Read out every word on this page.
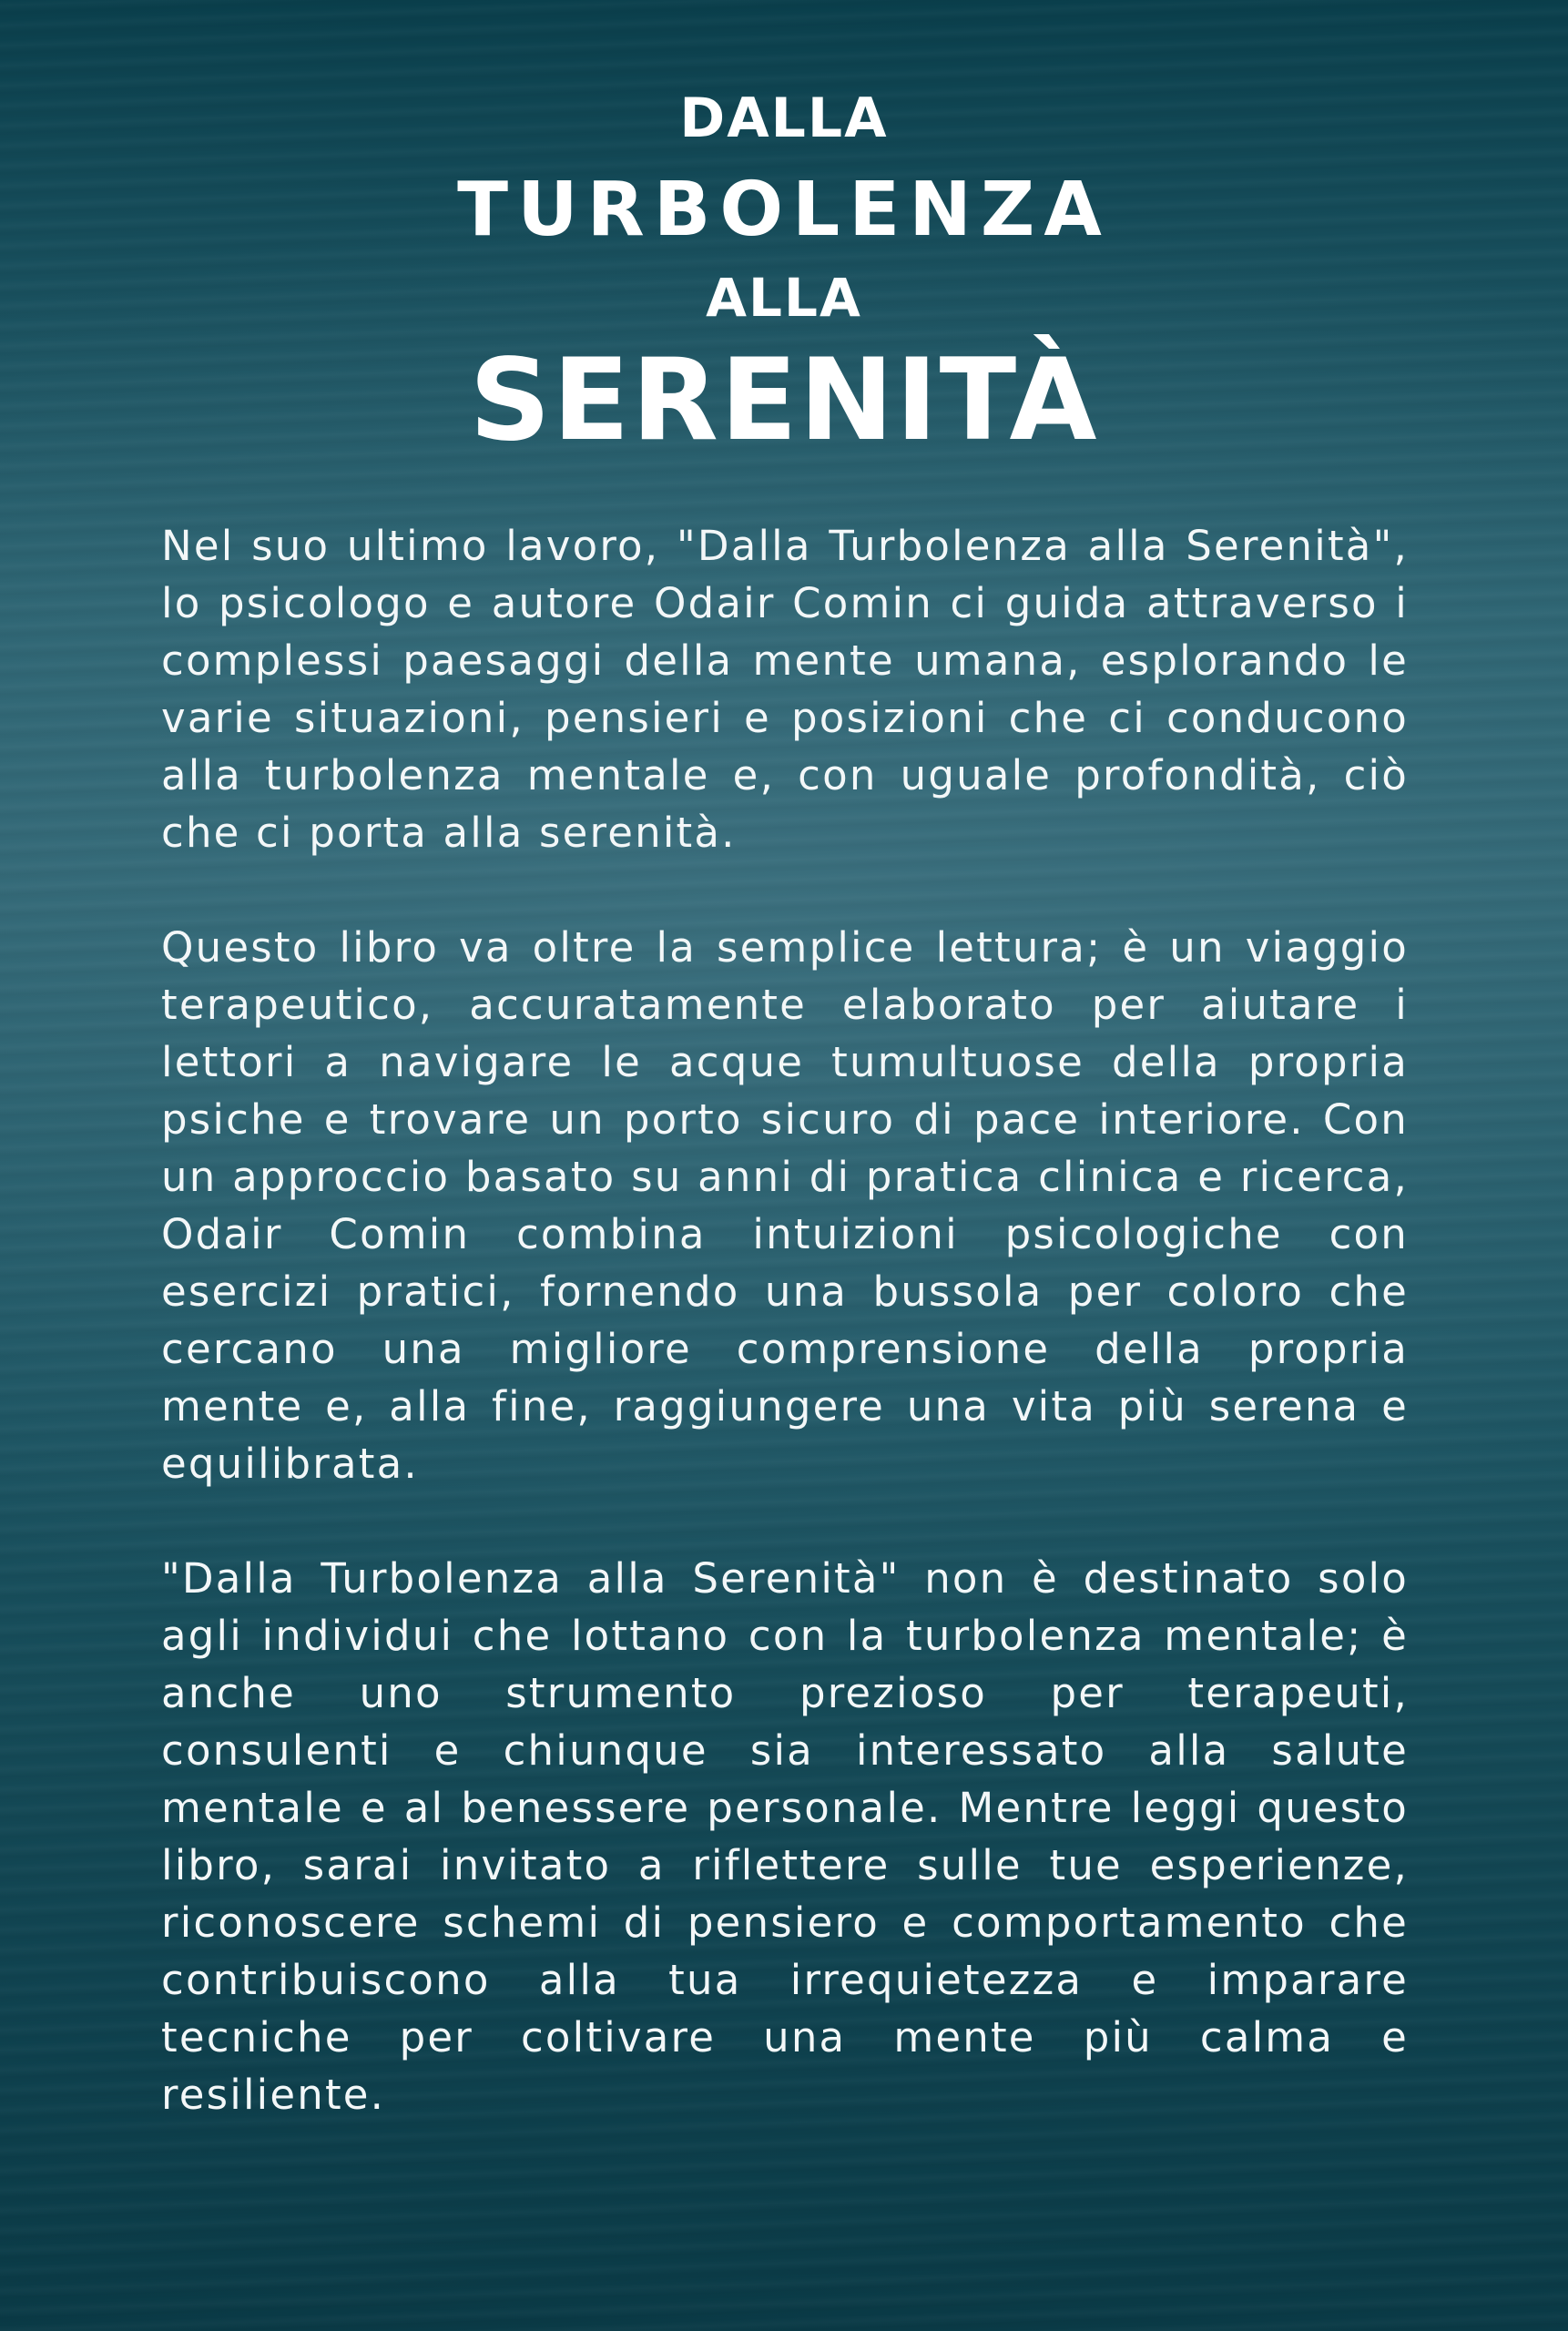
DALLA
TURBOLENZA
ALLA
SERENITÀ

Nel suo ultimo lavoro, "Dalla Turbolenza alla Serenità", lo psicologo e autore Odair Comin ci guida attraverso i complessi paesaggi della mente umana, esplorando le varie situazioni, pensieri e posizioni che ci conducono alla turbolenza mentale e, con uguale profondità, ciò che ci porta alla serenità.

Questo libro va oltre la semplice lettura; è un viaggio terapeutico, accuratamente elaborato per aiutare i lettori a navigare le acque tumultuose della propria psiche e trovare un porto sicuro di pace interiore. Con un approccio basato su anni di pratica clinica e ricerca, Odair Comin combina intuizioni psicologiche con esercizi pratici, fornendo una bussola per coloro che cercano una migliore comprensione della propria mente e, alla fine, raggiungere una vita più serena e equilibrata.

"Dalla Turbolenza alla Serenità" non è destinato solo agli individui che lottano con la turbolenza mentale; è anche uno strumento prezioso per terapeuti, consulenti e chiunque sia interessato alla salute mentale e al benessere personale. Mentre leggi questo libro, sarai invitato a riflettere sulle tue esperienze, riconoscere schemi di pensiero e comportamento che contribuiscono alla tua irrequietezza e imparare tecniche per coltivare una mente più calma e resiliente.
